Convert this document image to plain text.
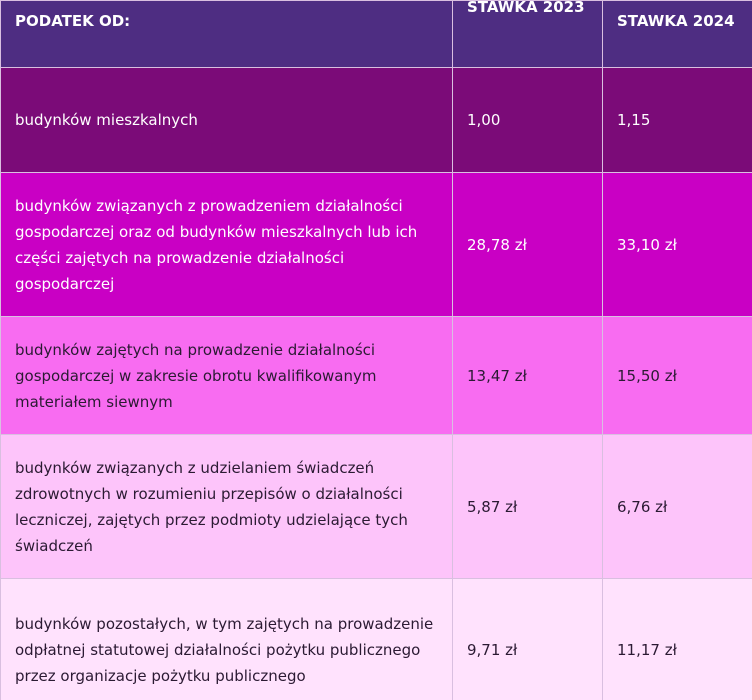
PODATEK OD:	STAWKA 2023	STAWKA 2024
budynków mieszkalnych	1,00	1,15
budynków związanych z prowadzeniem działalności gospodarczej oraz od budynków mieszkalnych lub ich części zajętych na prowadzenie działalności gospodarczej	28,78 zł	33,10 zł
budynków zajętych na prowadzenie działalności gospodarczej w zakresie obrotu kwalifikowanym materiałem siewnym	13,47 zł	15,50 zł
budynków związanych z udzielaniem świadczeń zdrowotnych w rozumieniu przepisów o działalności leczniczej, zajętych przez podmioty udzielające tych świadczeń	5,87 zł	6,76 zł
budynków pozostałych, w tym zajętych na prowadzenie odpłatnej statutowej działalności pożytku publicznego przez organizacje pożytku publicznego	9,71 zł	11,17 zł
